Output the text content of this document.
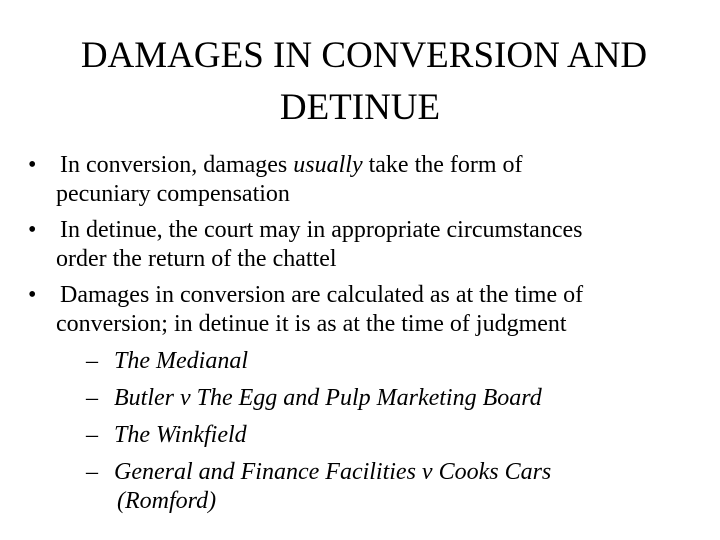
DAMAGES IN CONVERSION AND
DETINUE
• In conversion, damages usually take the form of
pecuniary compensation
• In detinue, the court may in appropriate circumstances
order the return of the chattel
• Damages in conversion are calculated as at the time of
conversion; in detinue it is as at the time of judgment
– The Medianal
– Butler v The Egg and Pulp Marketing Board
– The Winkfield
– General and Finance Facilities v Cooks Cars
(Romford)
